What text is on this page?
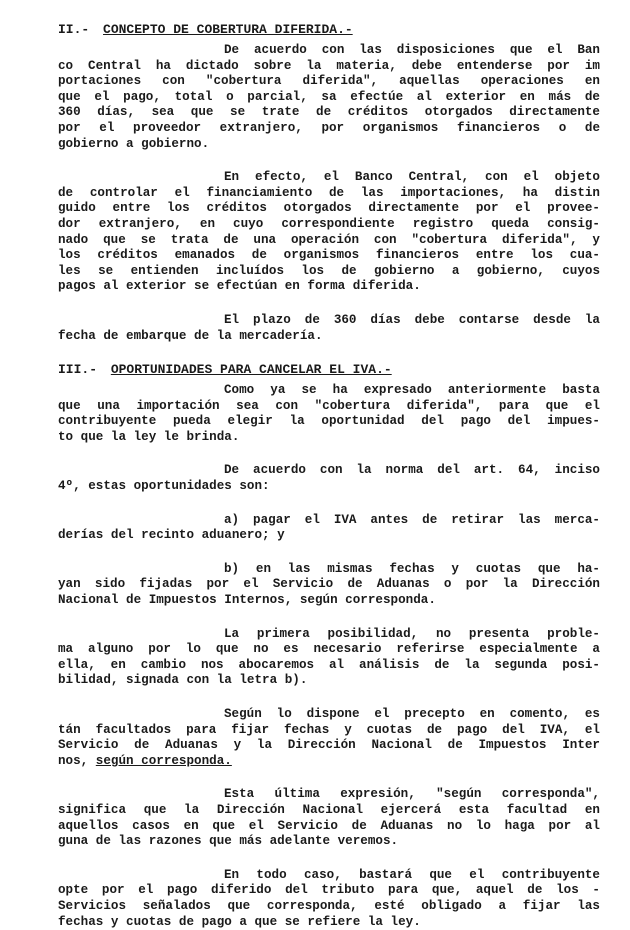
II.- CONCEPTO DE COBERTURA DIFERIDA.-
De acuerdo con las disposiciones que el Ban
co Central ha dictado sobre la materia, debe entenderse por im
portaciones con "cobertura diferida", aquellas operaciones en
que el pago, total o parcial, sa efectúe al exterior en más de
360 días, sea que se trate de créditos otorgados directamente
por el proveedor extranjero, por organismos financieros o de
gobierno a gobierno.
En efecto, el Banco Central, con el objeto
de controlar el financiamiento de las importaciones, ha distin
guido entre los créditos otorgados directamente por el provee-
dor extranjero, en cuyo correspondiente registro queda consig-
nado que se trata de una operación con "cobertura diferida", y
los créditos emanados de organismos financieros entre los cua-
les se entienden incluídos los de gobierno a gobierno, cuyos
pagos al exterior se efectúan en forma diferida.
El plazo de 360 días debe contarse desde la
fecha de embarque de la mercadería.
III.- OPORTUNIDADES PARA CANCELAR EL IVA.-
Como ya se ha expresado anteriormente basta
que una importación sea con "cobertura diferida", para que el
contribuyente pueda elegir la oportunidad del pago del impues-
to que la ley le brinda.
De acuerdo con la norma del art. 64, inciso
4º, estas oportunidades son:
a) pagar el IVA antes de retirar las merca-
derías del recinto aduanero; y
b) en las mismas fechas y cuotas que ha-
yan sido fijadas por el Servicio de Aduanas o por la Dirección
Nacional de Impuestos Internos, según corresponda.
La primera posibilidad, no presenta proble-
ma alguno por lo que no es necesario referirse especialmente a
ella, en cambio nos abocaremos al análisis de la segunda posi-
bilidad, signada con la letra b).
Según lo dispone el precepto en comento, es
tán facultados para fijar fechas y cuotas de pago del IVA, el
Servicio de Aduanas y la Dirección Nacional de Impuestos Inter
nos, según corresponda.
Esta última expresión, "según corresponda",
significa que la Dirección Nacional ejercerá esta facultad en
aquellos casos en que el Servicio de Aduanas no lo haga por al
guna de las razones que más adelante veremos.
En todo caso, bastará que el contribuyente
opte por el pago diferido del tributo para que, aquel de los -
Servicios señalados que corresponda, esté obligado a fijar las
fechas y cuotas de pago a que se refiere la ley.
